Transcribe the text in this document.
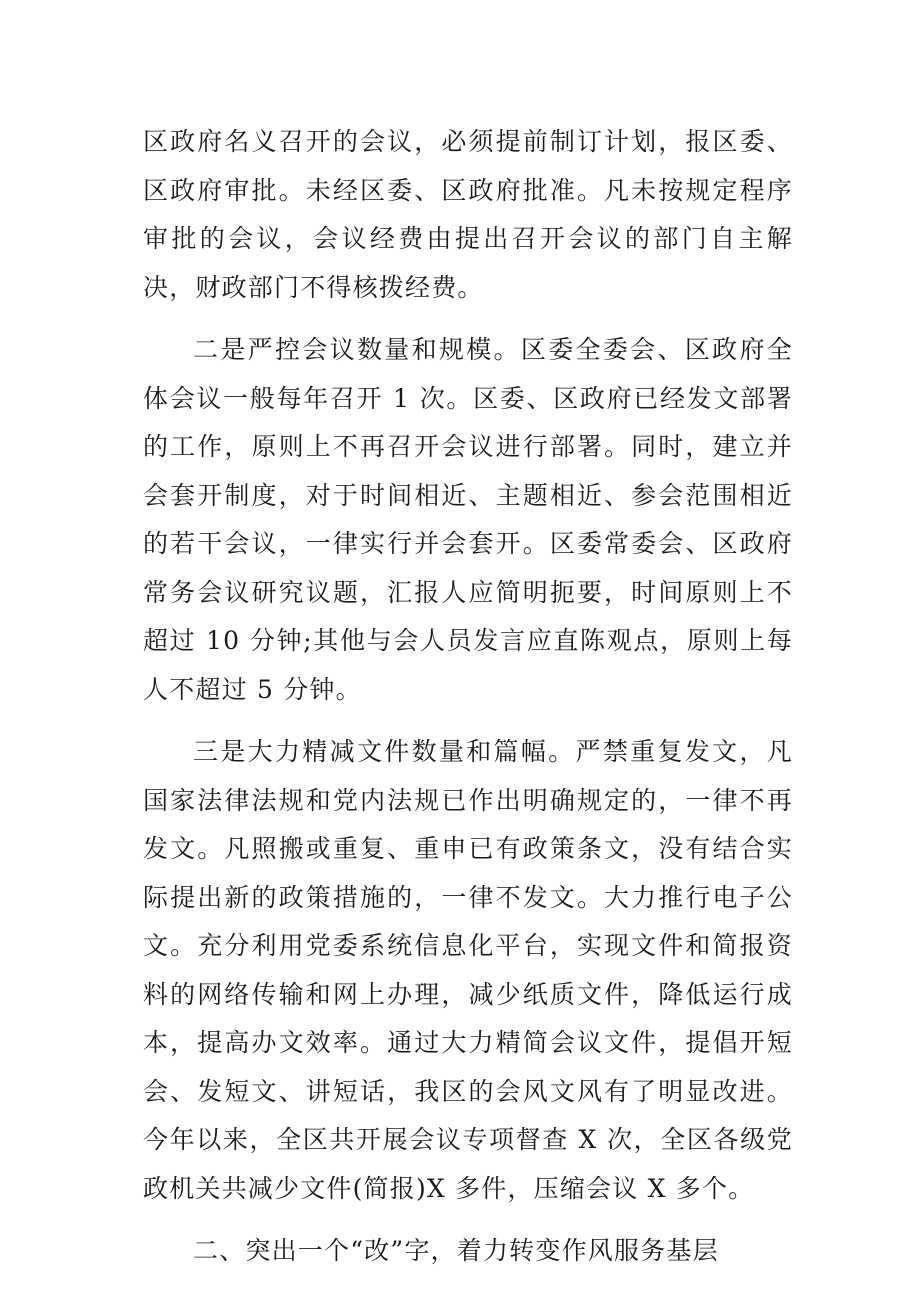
区政府名义召开的会议，必须提前制订计划，报区委、区政府审批。未经区委、区政府批准。凡未按规定程序审批的会议，会议经费由提出召开会议的部门自主解决，财政部门不得核拨经费。

二是严控会议数量和规模。区委全委会、区政府全体会议一般每年召开 1 次。区委、区政府已经发文部署的工作，原则上不再召开会议进行部署。同时，建立并会套开制度，对于时间相近、主题相近、参会范围相近的若干会议，一律实行并会套开。区委常委会、区政府常务会议研究议题，汇报人应简明扼要，时间原则上不超过 10 分钟;其他与会人员发言应直陈观点，原则上每人不超过 5 分钟。

三是大力精减文件数量和篇幅。严禁重复发文，凡国家法律法规和党内法规已作出明确规定的，一律不再发文。凡照搬或重复、重申已有政策条文，没有结合实际提出新的政策措施的，一律不发文。大力推行电子公文。充分利用党委系统信息化平台，实现文件和简报资料的网络传输和网上办理，减少纸质文件，降低运行成本，提高办文效率。通过大力精简会议文件，提倡开短会、发短文、讲短话，我区的会风文风有了明显改进。今年以来，全区共开展会议专项督查 X 次，全区各级党政机关共减少文件(简报)X 多件，压缩会议 X 多个。

二、突出一个“改”字，着力转变作风服务基层
